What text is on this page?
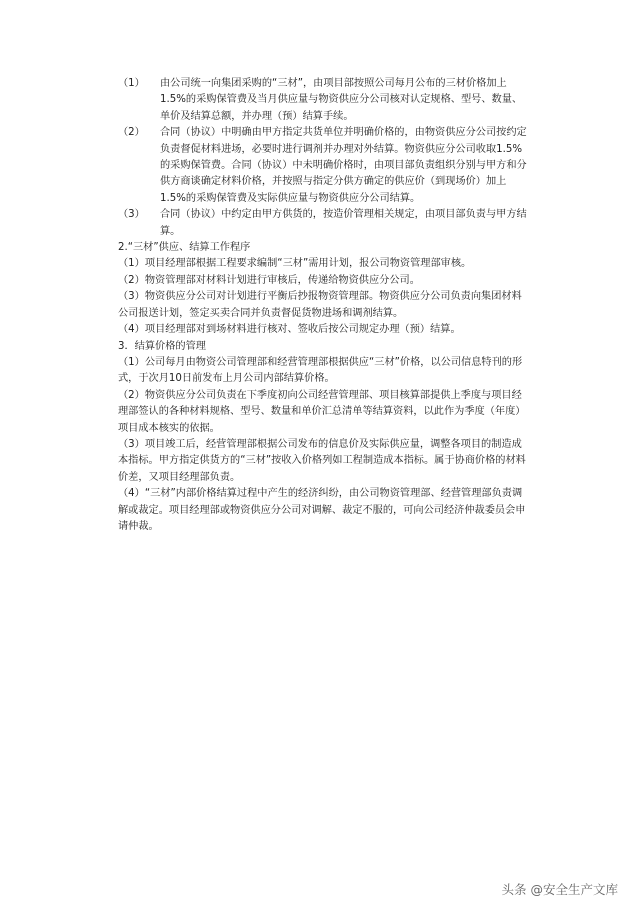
（1）	由公司统一向集团采购的“三材”，由项目部按照公司每月公布的三材价格加上1.5%的采购保管费及当月供应量与物资供应分公司核对认定规格、型号、数量、单价及结算总额，并办理（预）结算手续。
（2）	合同（协议）中明确由甲方指定共货单位并明确价格的，由物资供应分公司按约定负责督促材料进场，必要时进行调剂并办理对外结算。物资供应分公司收取1.5%的采购保管费。合同（协议）中未明确价格时，由项目部负责组织分别与甲方和分供方商谈确定材料价格，并按照与指定分供方确定的供应价（到现场价）加上1.5%的采购保管费及实际供应量与物资供应分公司结算。
（3）	合同（协议）中约定由甲方供货的，按造价管理相关规定，由项目部负责与甲方结算。

2.“三材”供应、结算工作程序

（1）项目经理部根据工程要求编制“三材”需用计划，报公司物资管理部审核。

（2）物资管理部对材料计划进行审核后，传递给物资供应分公司。

（3）物资供应分公司对计划进行平衡后抄报物资管理部。物资供应分公司负责向集团材料公司报送计划，签定买卖合同并负责督促货物进场和调剂结算。

（4）项目经理部对到场材料进行核对、签收后按公司规定办理（预）结算。

3．结算价格的管理

（1）公司每月由物资公司管理部和经营管理部根据供应“三材”价格，以公司信息特刊的形式，于次月10日前发布上月公司内部结算价格。

（2）物资供应分公司负责在下季度初向公司经营管理部、项目核算部提供上季度与项目经理部签认的各种材料规格、型号、数量和单价汇总清单等结算资料，以此作为季度（年度）项目成本核实的依据。

（3）项目竣工后，经营管理部根据公司发布的信息价及实际供应量，调整各项目的制造成本指标。甲方指定供货方的“三材”按收入价格列如工程制造成本指标。属于协商价格的材料价差，又项目经理部负责。

（4）“三材”内部价格结算过程中产生的经济纠纷，由公司物资管理部、经营管理部负责调解或裁定。项目经理部或物资供应分公司对调解、裁定不服的，可向公司经济仲裁委员会申请仲裁。

头条 @安全生产文库
